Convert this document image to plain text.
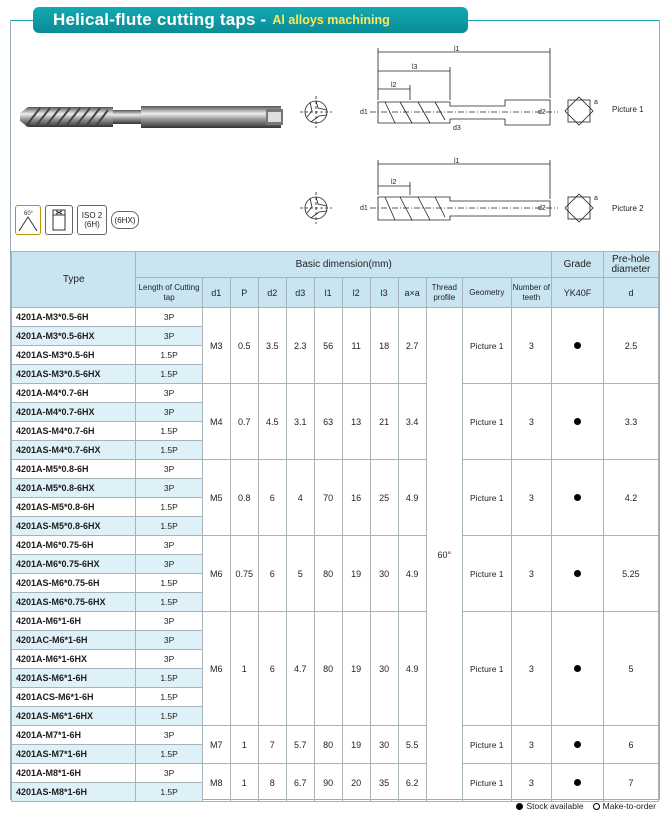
Helical-flute cutting taps - Al alloys machining
60°	ISO 2
(6H)	(6HX)
l1
l3
l2
d1
d3
d2
a
Picture 1
l1
l2
d1	d2
a
Picture 2
Type	Basic dimension(mm)												Grade	Pre-hole diameter
	Length of Cutting tap	d1	P	d2	d3	l1	l2	l3	a×a	Thread profile	Geometry	Number of teeth	YK40F	d
4201A-M3*0.5-6H	3P	M3	0.5	3.5	2.3	56	11	18	2.7	60°	Picture 1	3		2.5
4201A-M3*0.5-6HX	3P													
4201AS-M3*0.5-6H	1.5P													
4201AS-M3*0.5-6HX	1.5P													
4201A-M4*0.7-6H	3P	M4	0.7	4.5	3.1	63	13	21	3.4		Picture 1	3		3.3
4201A-M4*0.7-6HX	3P													
4201AS-M4*0.7-6H	1.5P													
4201AS-M4*0.7-6HX	1.5P													
4201A-M5*0.8-6H	3P	M5	0.8	6	4	70	16	25	4.9		Picture 1	3		4.2
4201A-M5*0.8-6HX	3P													
4201AS-M5*0.8-6H	1.5P													
4201AS-M5*0.8-6HX	1.5P													
4201A-M6*0.75-6H	3P	M6	0.75	6	5	80	19	30	4.9		Picture 1	3		5.25
4201A-M6*0.75-6HX	3P													
4201AS-M6*0.75-6H	1.5P													
4201AS-M6*0.75-6HX	1.5P													
4201A-M6*1-6H	3P	M6	1	6	4.7	80	19	30	4.9		Picture 1	3		5
4201AC-M6*1-6H	3P													
4201A-M6*1-6HX	3P													
4201AS-M6*1-6H	1.5P													
4201ACS-M6*1-6H	1.5P													
4201AS-M6*1-6HX	1.5P													
4201A-M7*1-6H	3P	M7	1	7	5.7	80	19	30	5.5		Picture 1	3		6
4201AS-M7*1-6H	1.5P													
4201A-M8*1-6H	3P	M8	1	8	6.7	90	20	35	6.2		Picture 1	3		7
4201AS-M8*1-6H	1.5P													
Stock available Make-to-order
